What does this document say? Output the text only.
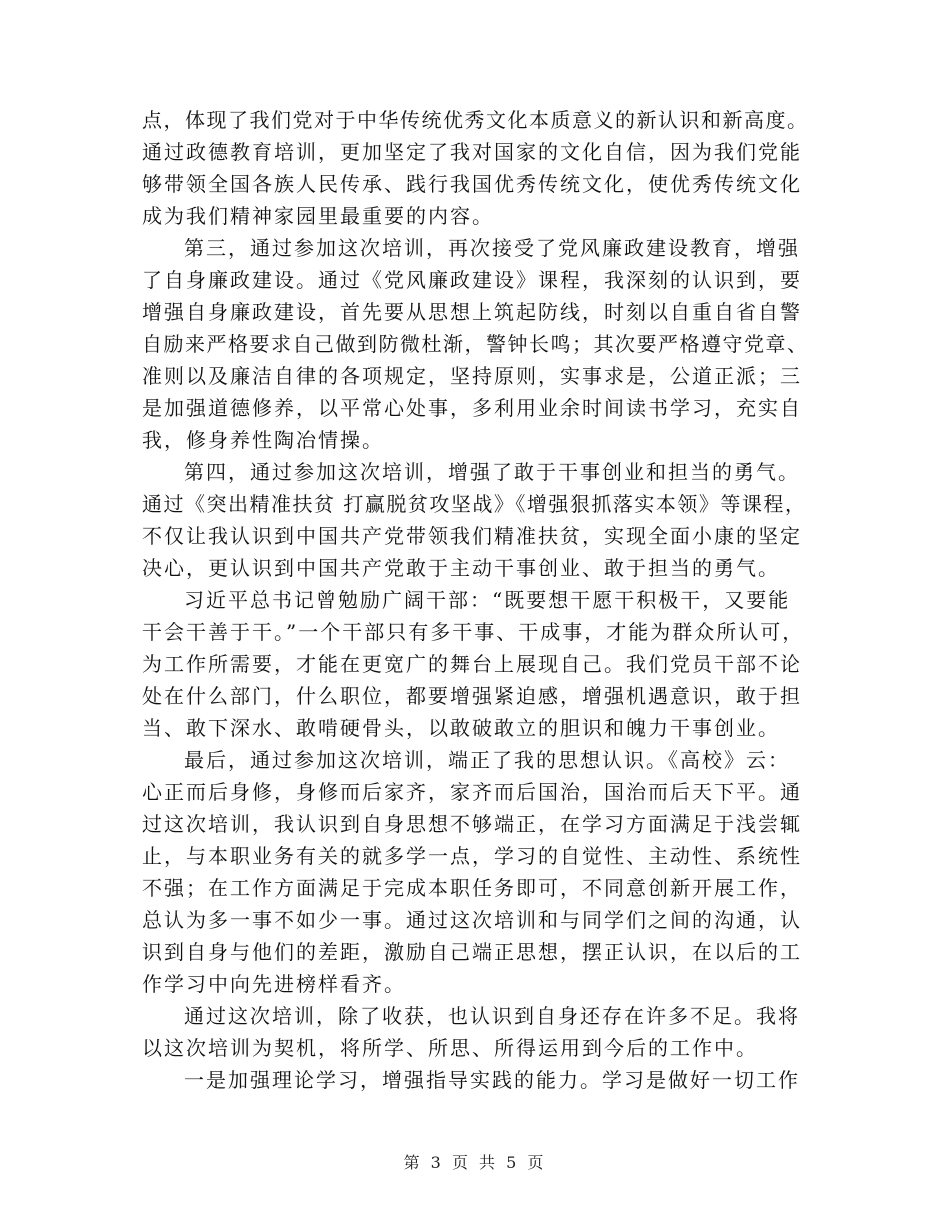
点，体现了我们党对于中华传统优秀文化本质意义的新认识和新高度。
通过政德教育培训，更加坚定了我对国家的文化自信，因为我们党能
够带领全国各族人民传承、践行我国优秀传统文化，使优秀传统文化
成为我们精神家园里最重要的内容。
第三，通过参加这次培训，再次接受了党风廉政建设教育，增强
了自身廉政建设。通过《党风廉政建设》课程，我深刻的认识到，要
增强自身廉政建设，首先要从思想上筑起防线，时刻以自重自省自警
自励来严格要求自己做到防微杜渐，警钟长鸣；其次要严格遵守党章、
准则以及廉洁自律的各项规定，坚持原则，实事求是，公道正派；三
是加强道德修养，以平常心处事，多利用业余时间读书学习，充实自
我，修身养性陶冶情操。
第四，通过参加这次培训，增强了敢于干事创业和担当的勇气。
通过《突出精准扶贫 打赢脱贫攻坚战》《增强狠抓落实本领》等课程，
不仅让我认识到中国共产党带领我们精准扶贫，实现全面小康的坚定
决心，更认识到中国共产党敢于主动干事创业、敢于担当的勇气。
习近平总书记曾勉励广阔干部：“既要想干愿干积极干，又要能
干会干善于干。”一个干部只有多干事、干成事，才能为群众所认可，
为工作所需要，才能在更宽广的舞台上展现自己。我们党员干部不论
处在什么部门，什么职位，都要增强紧迫感，增强机遇意识，敢于担
当、敢下深水、敢啃硬骨头，以敢破敢立的胆识和魄力干事创业。
最后，通过参加这次培训，端正了我的思想认识。《高校》云：
心正而后身修，身修而后家齐，家齐而后国治，国治而后天下平。通
过这次培训，我认识到自身思想不够端正，在学习方面满足于浅尝辄
止，与本职业务有关的就多学一点，学习的自觉性、主动性、系统性
不强；在工作方面满足于完成本职任务即可，不同意创新开展工作，
总认为多一事不如少一事。通过这次培训和与同学们之间的沟通，认
识到自身与他们的差距，激励自己端正思想，摆正认识，在以后的工
作学习中向先进榜样看齐。
通过这次培训，除了收获，也认识到自身还存在许多不足。我将
以这次培训为契机，将所学、所思、所得运用到今后的工作中。
一是加强理论学习，增强指导实践的能力。学习是做好一切工作
第 3 页 共 5 页
